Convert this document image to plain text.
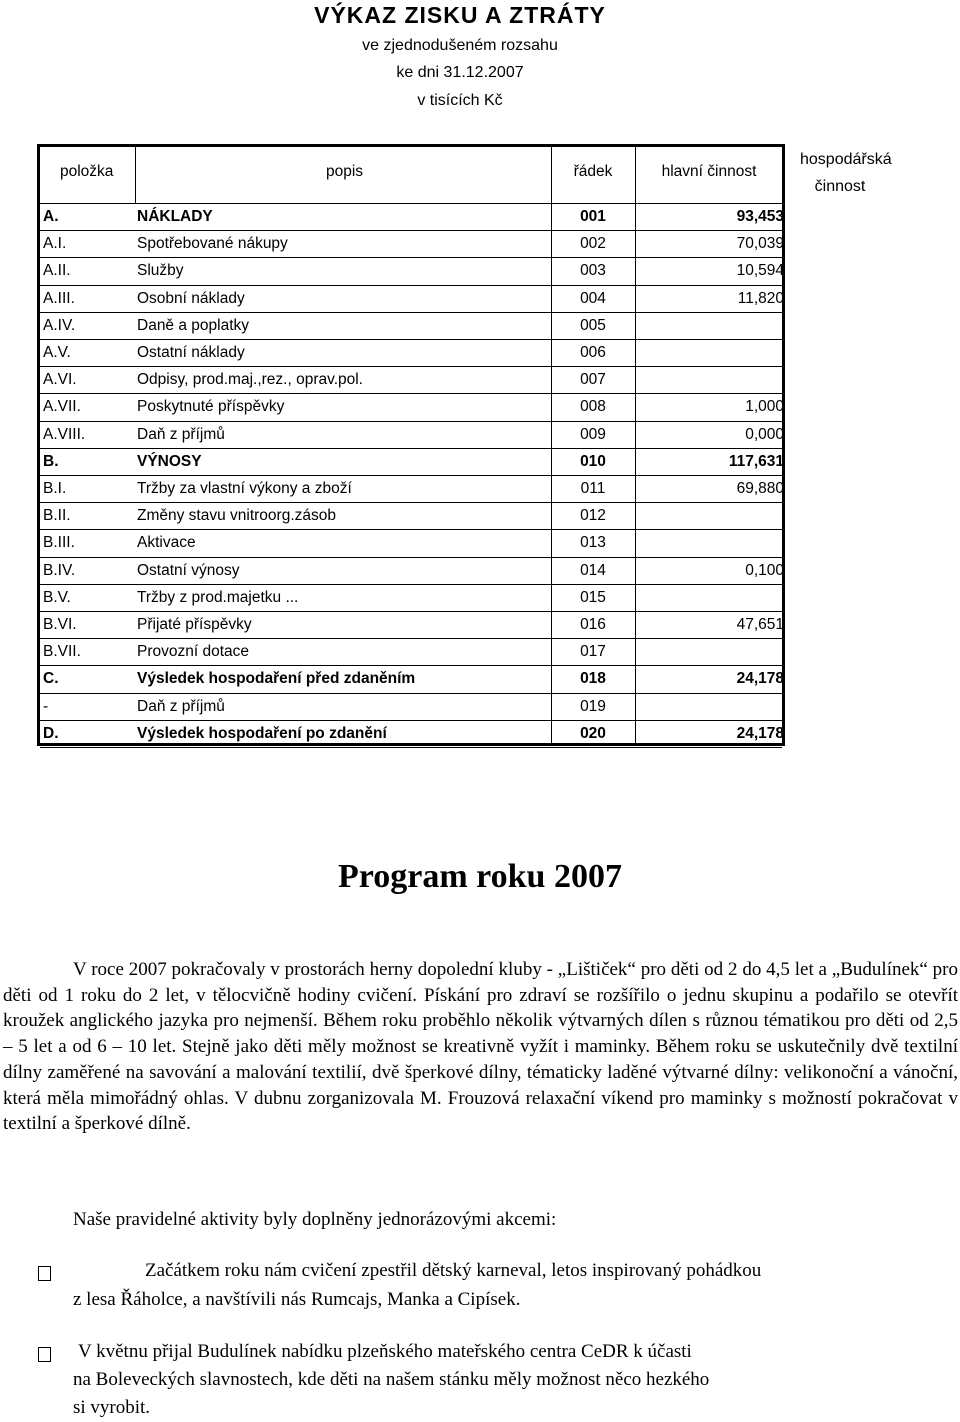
VÝKAZ ZISKU A ZTRÁTY
ve zjednodušeném rozsahu
ke dni 31.12.2007
v tisících Kč
hospodářská činnost
položka	popis	řádek	hlavní činnost
A.	NÁKLADY	001	93,453
A.I.	Spotřebované nákupy	002	70,039
A.II.	Služby	003	10,594
A.III.	Osobní náklady	004	11,820
A.IV.	Daně a poplatky	005
A.V.	Ostatní náklady	006
A.VI.	Odpisy, prod.maj.,rez., oprav.pol.	007
A.VII.	Poskytnuté příspěvky	008	1,000
A.VIII.	Daň z příjmů	009	0,000
B.	VÝNOSY	010	117,631
B.I.	Tržby za vlastní výkony a zboží	011	69,880
B.II.	Změny stavu vnitroorg.zásob	012
B.III.	Aktivace	013
B.IV.	Ostatní výnosy	014	0,100
B.V.	Tržby z prod.majetku ...	015
B.VI.	Přijaté příspěvky	016	47,651
B.VII.	Provozní dotace	017
C.	Výsledek hospodaření před zdaněním	018	24,178
-	Daň z příjmů	019
D.	Výsledek hospodaření po zdanění	020	24,178
Program roku 2007
V roce 2007 pokračovaly v prostorách herny dopolední kluby - „Lištiček“ pro děti od 2 do 4,5 let a „Budulínek“ pro děti od 1 roku do 2 let, v tělocvičně hodiny cvičení. Pískání pro zdraví se rozšířilo o jednu skupinu a podařilo se otevřít kroužek anglického jazyka pro nejmenší. Během roku proběhlo několik výtvarných dílen s různou tématikou pro děti od 2,5 – 5 let a od 6 – 10 let. Stejně jako děti měly možnost se kreativně vyžít i maminky. Během roku se uskutečnily dvě textilní dílny zaměřené na savování a malování textilií, dvě šperkové dílny, tématicky laděné výtvarné dílny: velikonoční a vánoční, která měla mimořádný ohlas. V dubnu zorganizovala M. Frouzová relaxační víkend pro maminky s možností pokračovat v textilní a šperkové dílně.
Naše pravidelné aktivity byly doplněny jednorázovými akcemi:
Začátkem roku nám cvičení zpestřil dětský karneval, letos inspirovaný pohádkou
z lesa Řáholce, a navštívili nás Rumcajs, Manka a Cipísek.
V květnu přijal Budulínek nabídku plzeňského mateřského centra CeDR k účasti
na Boleveckých slavnostech, kde děti na našem stánku měly možnost něco hezkého
si vyrobit.
